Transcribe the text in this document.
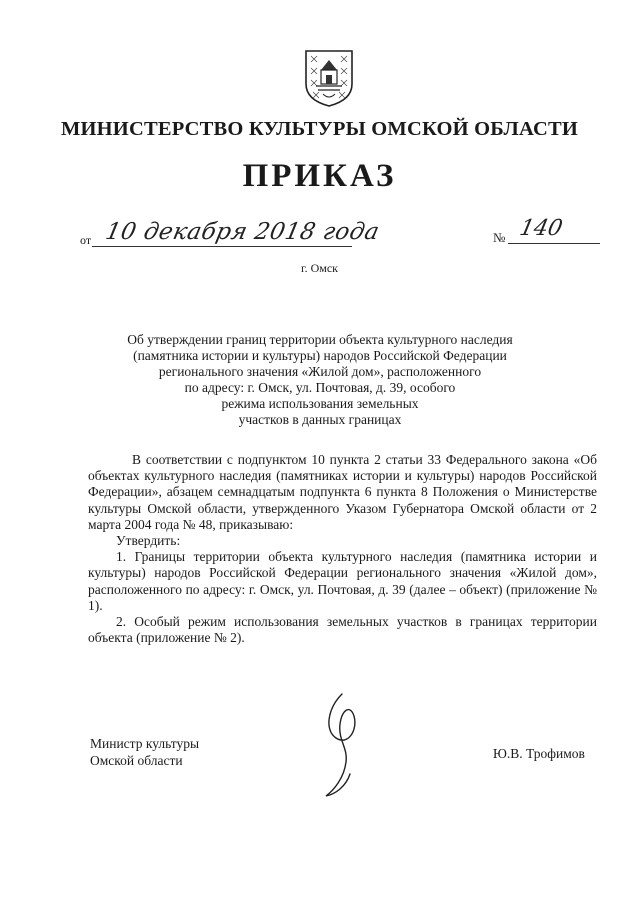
МИНИСТЕРСТВО КУЛЬТУРЫ ОМСКОЙ ОБЛАСТИ
ПРИКАЗ
от 10 декабря 2018 года	№ 140
г. Омск
Об утверждении границ территории объекта культурного наследия
(памятника истории и культуры) народов Российской Федерации
регионального значения «Жилой дом», расположенного
по адресу: г. Омск, ул. Почтовая, д. 39, особого
режима использования земельных
участков в данных границах

В соответствии с подпунктом 10 пункта 2 статьи 33 Федерального закона «Об объектах культурного наследия (памятниках истории и культуры) народов Российской Федерации», абзацем семнадцатым подпункта 6 пункта 8 Положения о Министерстве культуры Омской области, утвержденного Указом Губернатора Омской области от 2 марта 2004 года № 48, приказываю:

Утвердить:

1. Границы территории объекта культурного наследия (памятника истории и культуры) народов Российской Федерации регионального значения «Жилой дом», расположенного по адресу: г. Омск, ул. Почтовая, д. 39 (далее – объект) (приложение № 1).

2. Особый режим использования земельных участков в границах территории объекта (приложение № 2).

Министр культуры
Омской области	Ю.В. Трофимов
